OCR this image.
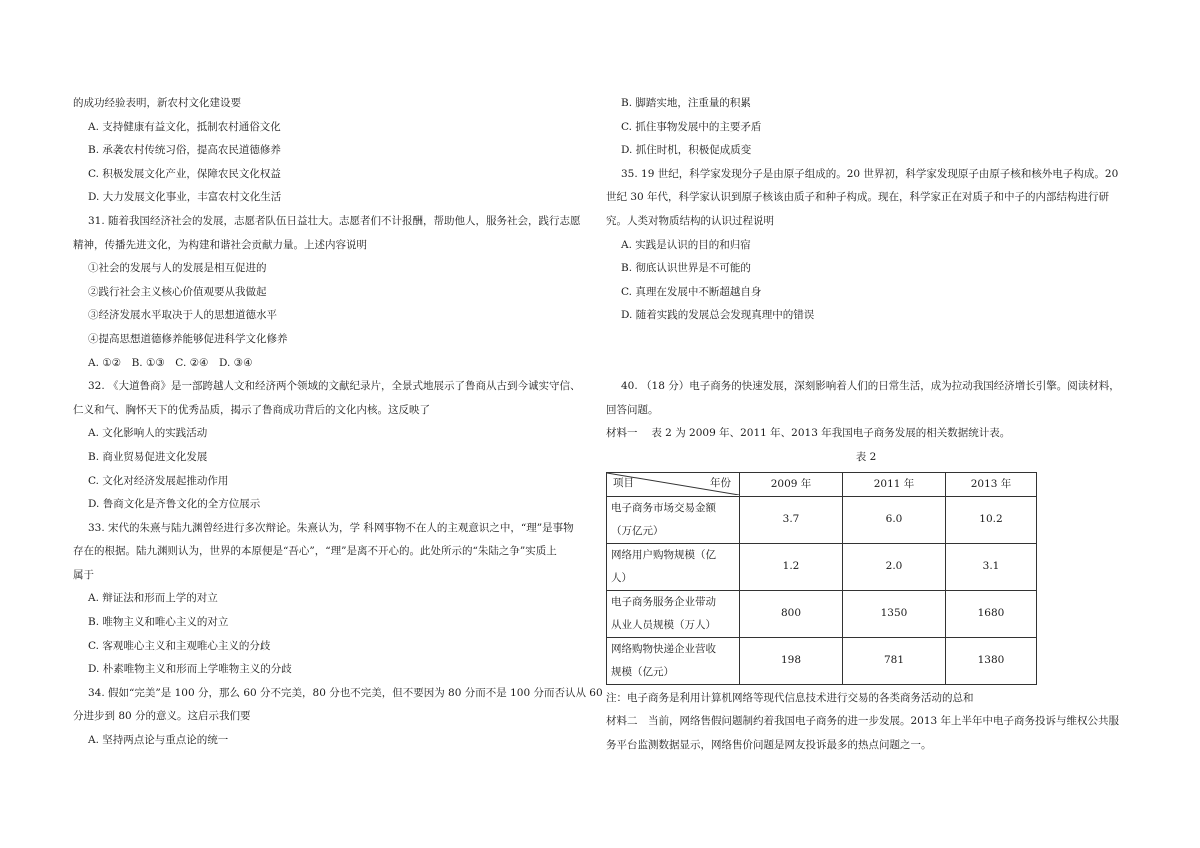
的成功经验表明，新农村文化建设要
A. 支持健康有益文化，抵制农村通俗文化
B. 承袭农村传统习俗，提高农民道德修养
C. 积极发展文化产业，保障农民文化权益
D. 大力发展文化事业，丰富农村文化生活
31. 随着我国经济社会的发展，志愿者队伍日益壮大。志愿者们不计报酬，帮助他人，服务社会，践行志愿
精神，传播先进文化，为构建和谐社会贡献力量。上述内容说明
①社会的发展与人的发展是相互促进的
②践行社会主义核心价值观要从我做起
③经济发展水平取决于人的思想道德水平
④提高思想道德修养能够促进科学文化修养
A. ①②　B. ①③　C. ②④　D. ③④
32. 《大道鲁商》是一部跨越人文和经济两个领域的文献纪录片，全景式地展示了鲁商从古到今诚实守信、
仁义和气、胸怀天下的优秀品质，揭示了鲁商成功背后的文化内核。这反映了
A. 文化影响人的实践活动
B. 商业贸易促进文化发展
C. 文化对经济发展起推动作用
D. 鲁商文化是齐鲁文化的全方位展示
33. 宋代的朱熹与陆九渊曾经进行多次辩论。朱熹认为，学 科网事物不在人的主观意识之中，“理”是事物
存在的根据。陆九渊则认为，世界的本原便是“吾心”，“理”是离不开心的。此处所示的“朱陆之争”实质上
属于
A. 辩证法和形而上学的对立
B. 唯物主义和唯心主义的对立
C. 客观唯心主义和主观唯心主义的分歧
D. 朴素唯物主义和形而上学唯物主义的分歧
34. 假如“完美”是 100 分，那么 60 分不完美，80 分也不完美，但不要因为 80 分而不是 100 分而否认从 60
分进步到 80 分的意义。这启示我们要
A. 坚持两点论与重点论的统一
B. 脚踏实地，注重量的积累
C. 抓住事物发展中的主要矛盾
D. 抓住时机，积极促成质变
35. 19 世纪，科学家发现分子是由原子组成的。20 世界初，科学家发现原子由原子核和核外电子构成。20
世纪 30 年代，科学家认识到原子核该由质子和种子构成。现在，科学家正在对质子和中子的内部结构进行研
究。人类对物质结构的认识过程说明
A. 实践是认识的目的和归宿
B. 彻底认识世界是不可能的
C. 真理在发展中不断超越自身
D. 随着实践的发展总会发现真理中的错误
40. （18 分）电子商务的快速发展，深刻影响着人们的日常生活，成为拉动我国经济增长引擎。阅读材料，
回答问题。
材料一　 表 2 为 2009 年、2011 年、2013 年我国电子商务发展的相关数据统计表。
表 2
项目 年份	2009 年	2011 年	2013 年

电子商务市场交易金额
（万亿元）	3.7	6.0	10.2

网络用户购物规模（亿
人）	1.2	2.0	3.1

电子商务服务企业带动
从业人员规模（万人）	800	1350	1680

网络购物快递企业营收
规模（亿元）	198	781	1380
注：电子商务是利用计算机网络等现代信息技术进行交易的各类商务活动的总和
材料二　当前，网络售假问题制约着我国电子商务的进一步发展。2013 年上半年中电子商务投诉与维权公共服
务平台监测数据显示，网络售价问题是网友投诉最多的热点问题之一。
